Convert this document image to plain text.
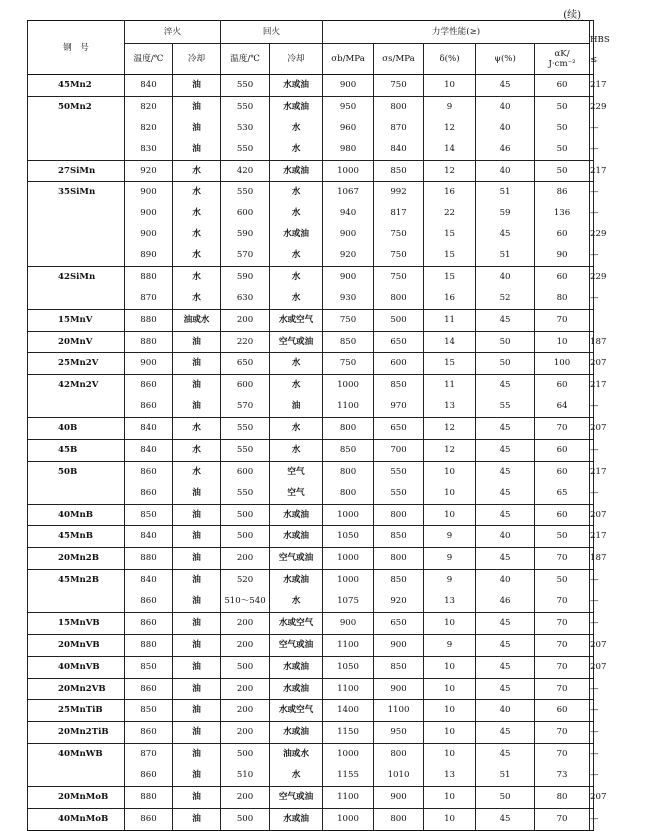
(续)
钢　号	淬火		回火		力学性能(≥)					HBS
≤	

	温度/℃	冷却	温度/℃	冷却	σb/MPa	σs/MPa	δ(%)	ψ(%)	αK/
J·cm⁻²		

45Mn2	840	油	550	水或油	900	750	10	45	60	217	
50Mn2	820	油	550	水或油	950	800	9	40	50	229	
	820	油	530	水	960	870	12	40	50	—	
	830	油	550	水	980	840	14	46	50	—	
27SiMn	920	水	420	水或油	1000	850	12	40	50	217	
35SiMn	900	水	550	水	1067	992	16	51	86	—	
	900	水	600	水	940	817	22	59	136	—	
	900	水	590	水或油	900	750	15	45	60	229	
	890	水	570	水	920	750	15	51	90	—	
42SiMn	880	水	590	水	900	750	15	40	60	229	
	870	水	630	水	930	800	16	52	80	—	
15MnV	880	油或水	200	水或空气	750	500	11	45	70		
20MnV	880	油	220	空气或油	850	650	14	50	10	187	
25Mn2V	900	油	650	水	750	600	15	50	100	207	
42Mn2V	860	油	600	水	1000	850	11	45	60	217	
	860	油	570	油	1100	970	13	55	64	—	
40B	840	水	550	水	800	650	12	45	70	207	
45B	840	水	550	水	850	700	12	45	60	—	
50B	860	水	600	空气	800	550	10	45	60	217	
	860	油	550	空气	800	550	10	45	65	—	
40MnB	850	油	500	水或油	1000	800	10	45	60	207	
45MnB	840	油	500	水或油	1050	850	9	40	50	217	
20Mn2B	880	油	200	空气或油	1000	800	9	45	70	187	
45Mn2B	840	油	520	水或油	1000	850	9	40	50	—	
	860	油	510～540	水	1075	920	13	46	70	—	
15MnVB	860	油	200	水或空气	900	650	10	45	70	—	
20MnVB	880	油	200	空气或油	1100	900	9	45	70	207	
40MnVB	850	油	500	水或油	1050	850	10	45	70	207	
20Mn2VB	860	油	200	水或油	1100	900	10	45	70	—	
25MnTiB	850	油	200	水或空气	1400	1100	10	40	60	—	
20Mn2TiB	860	油	200	水或油	1150	950	10	45	70	—	
40MnWB	870	油	500	油或水	1000	800	10	45	70	—	
	860	油	510	水	1155	1010	13	51	73	—	
20MnMoB	880	油	200	空气或油	1100	900	10	50	80	207	
40MnMoB	860	油	500	水或油	1000	800	10	45	70	—	
